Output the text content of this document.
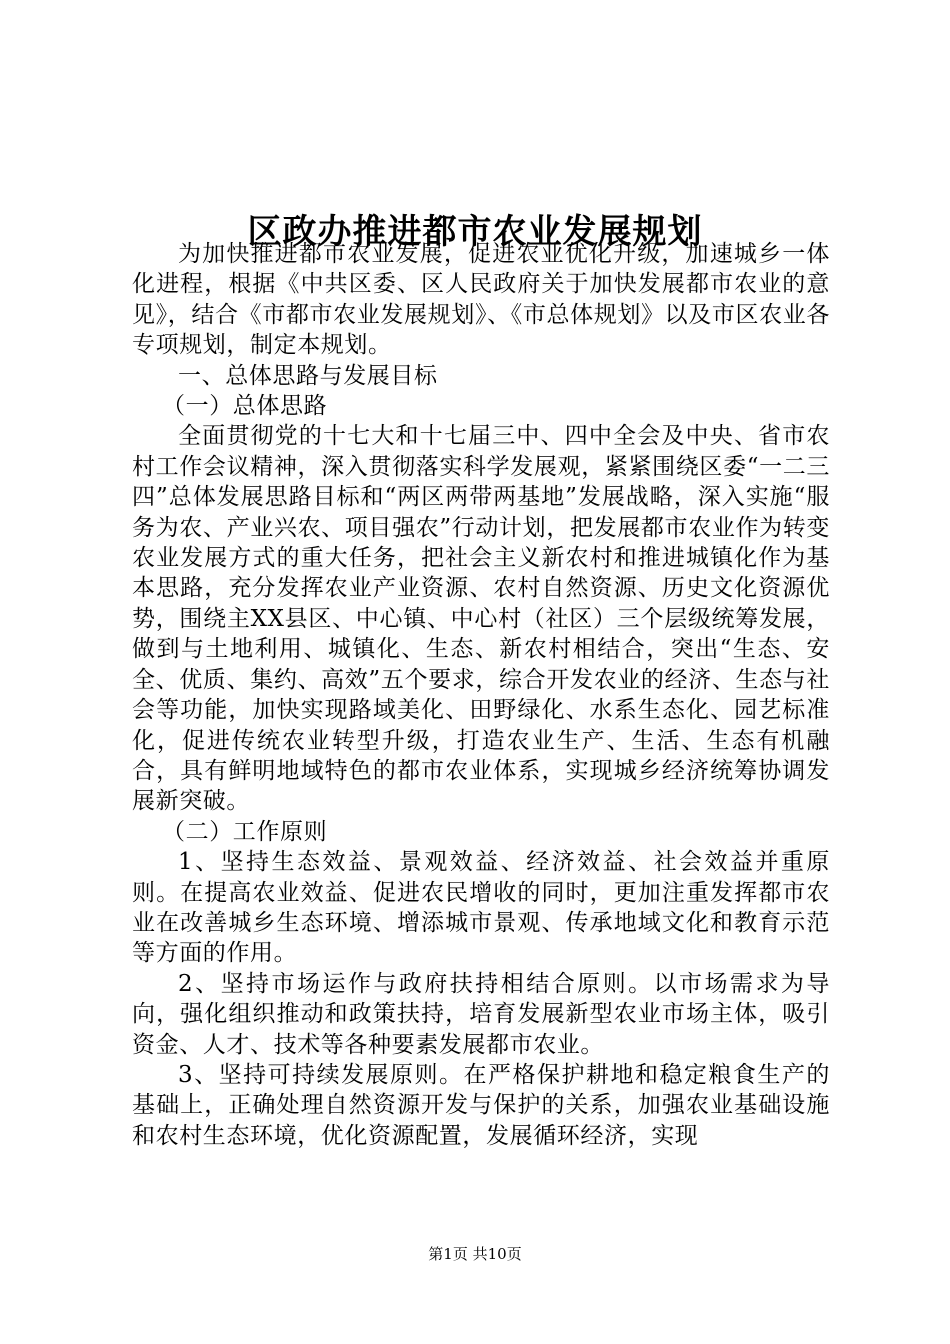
区政办推进都市农业发展规划

为加快推进都市农业发展，促进农业优化升级，加速城乡一体化进程，根据《中共区委、区人民政府关于加快发展都市农业的意见》，结合《市都市农业发展规划》、《市总体规划》以及市区农业各专项规划，制定本规划。

一、总体思路与发展目标

（一）总体思路

全面贯彻党的十七大和十七届三中、四中全会及中央、省市农村工作会议精神，深入贯彻落实科学发展观，紧紧围绕区委“一二三四”总体发展思路目标和“两区两带两基地”发展战略，深入实施“服务为农、产业兴农、项目强农”行动计划，把发展都市农业作为转变农业发展方式的重大任务，把社会主义新农村和推进城镇化作为基本思路，充分发挥农业产业资源、农村自然资源、历史文化资源优势，围绕主XX县区、中心镇、中心村（社区）三个层级统筹发展，做到与土地利用、城镇化、生态、新农村相结合，突出“生态、安全、优质、集约、高效”五个要求，综合开发农业的经济、生态与社会等功能，加快实现路域美化、田野绿化、水系生态化、园艺标准化，促进传统农业转型升级，打造农业生产、生活、生态有机融合，具有鲜明地域特色的都市农业体系，实现城乡经济统筹协调发展新突破。

（二）工作原则

1、坚持生态效益、景观效益、经济效益、社会效益并重原则。在提高农业效益、促进农民增收的同时，更加注重发挥都市农业在改善城乡生态环境、增添城市景观、传承地域文化和教育示范等方面的作用。

2、坚持市场运作与政府扶持相结合原则。以市场需求为导向，强化组织推动和政策扶持，培育发展新型农业市场主体，吸引资金、人才、技术等各种要素发展都市农业。

3、坚持可持续发展原则。在严格保护耕地和稳定粮食生产的基础上，正确处理自然资源开发与保护的关系，加强农业基础设施和农村生态环境，优化资源配置，发展循环经济，实现

第1页 共10页
